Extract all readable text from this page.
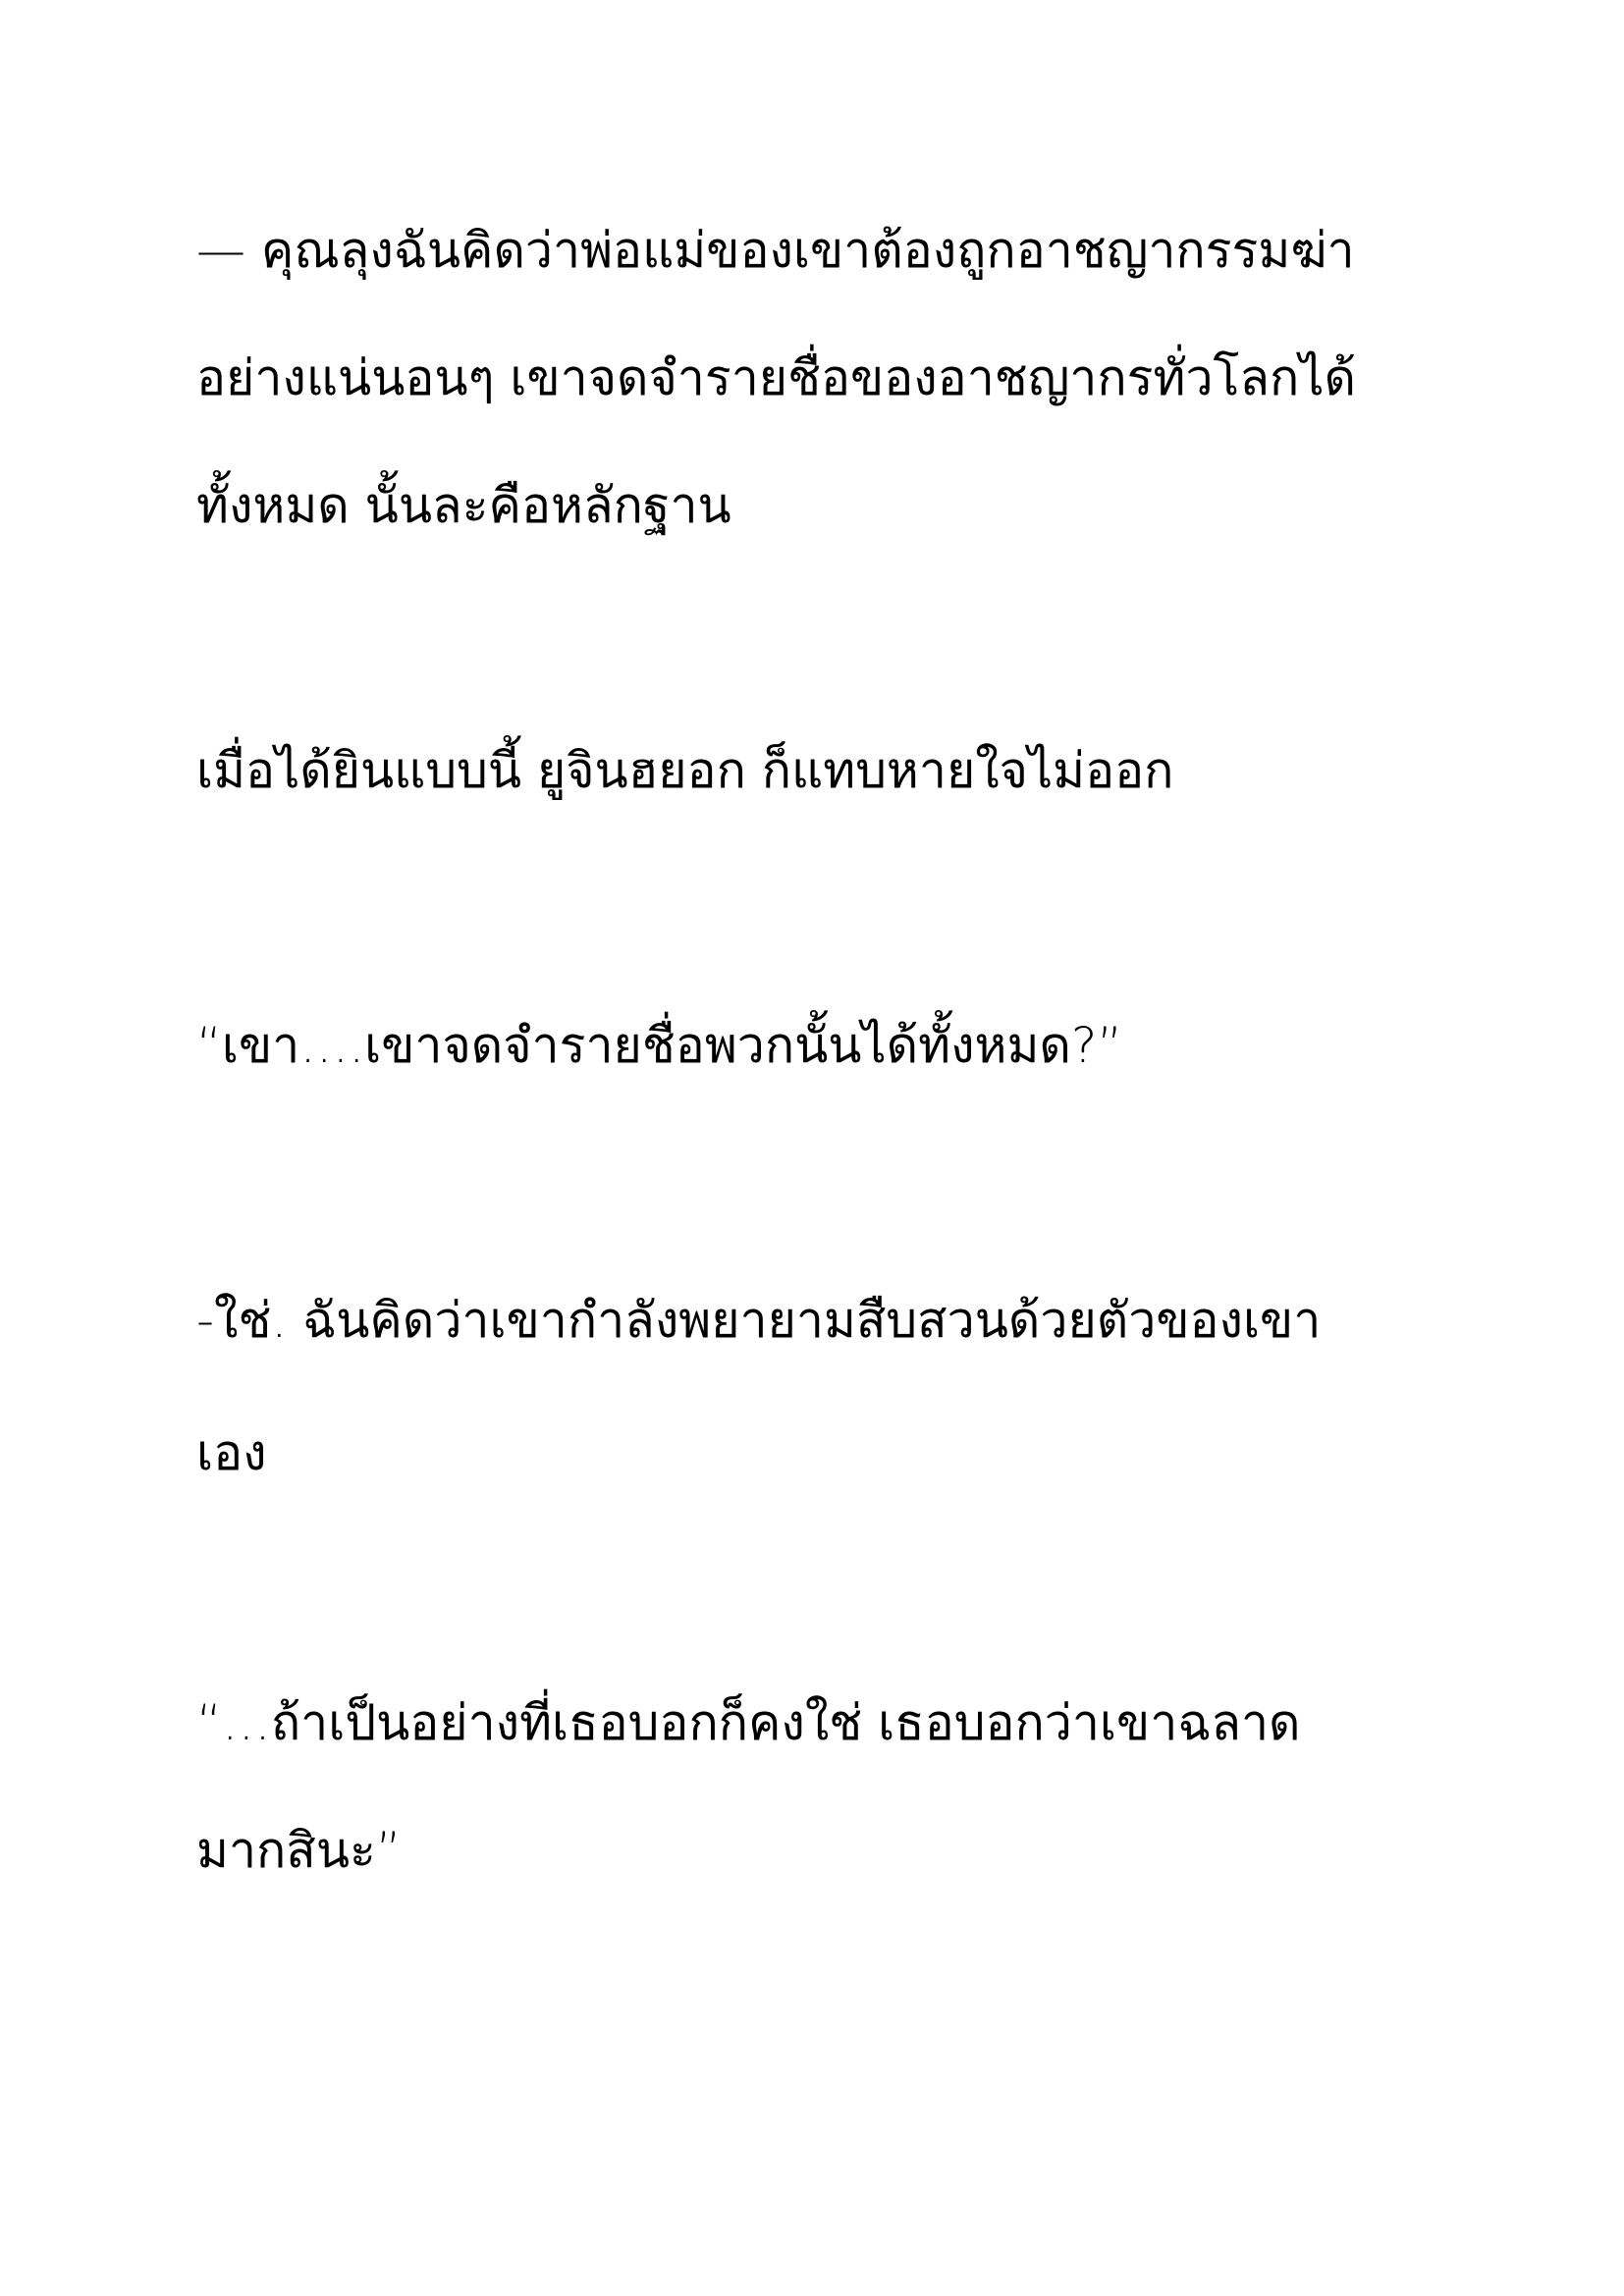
— คุณลุงฉันคิดว่าพ่อแม่ของเขาต้องถูกอาชญากรรมฆ่า
อย่างแน่นอนๆ เขาจดจำรายชื่อของอาชญากรทั่วโลกได้
ทั้งหมด นั้นละคือหลักฐาน
เมื่อได้ยินแบบนี้ ยูจินฮยอก ก็แทบหายใจไม่ออก
“เขา….เขาจดจำรายชื่อพวกนั้นได้ทั้งหมด?”
-ใช่. ฉันคิดว่าเขากำลังพยายามสืบสวนด้วยตัวของเขา
เอง
“…ถ้าเป็นอย่างที่เธอบอกก็คงใช่ เธอบอกว่าเขาฉลาด
มากสินะ”
